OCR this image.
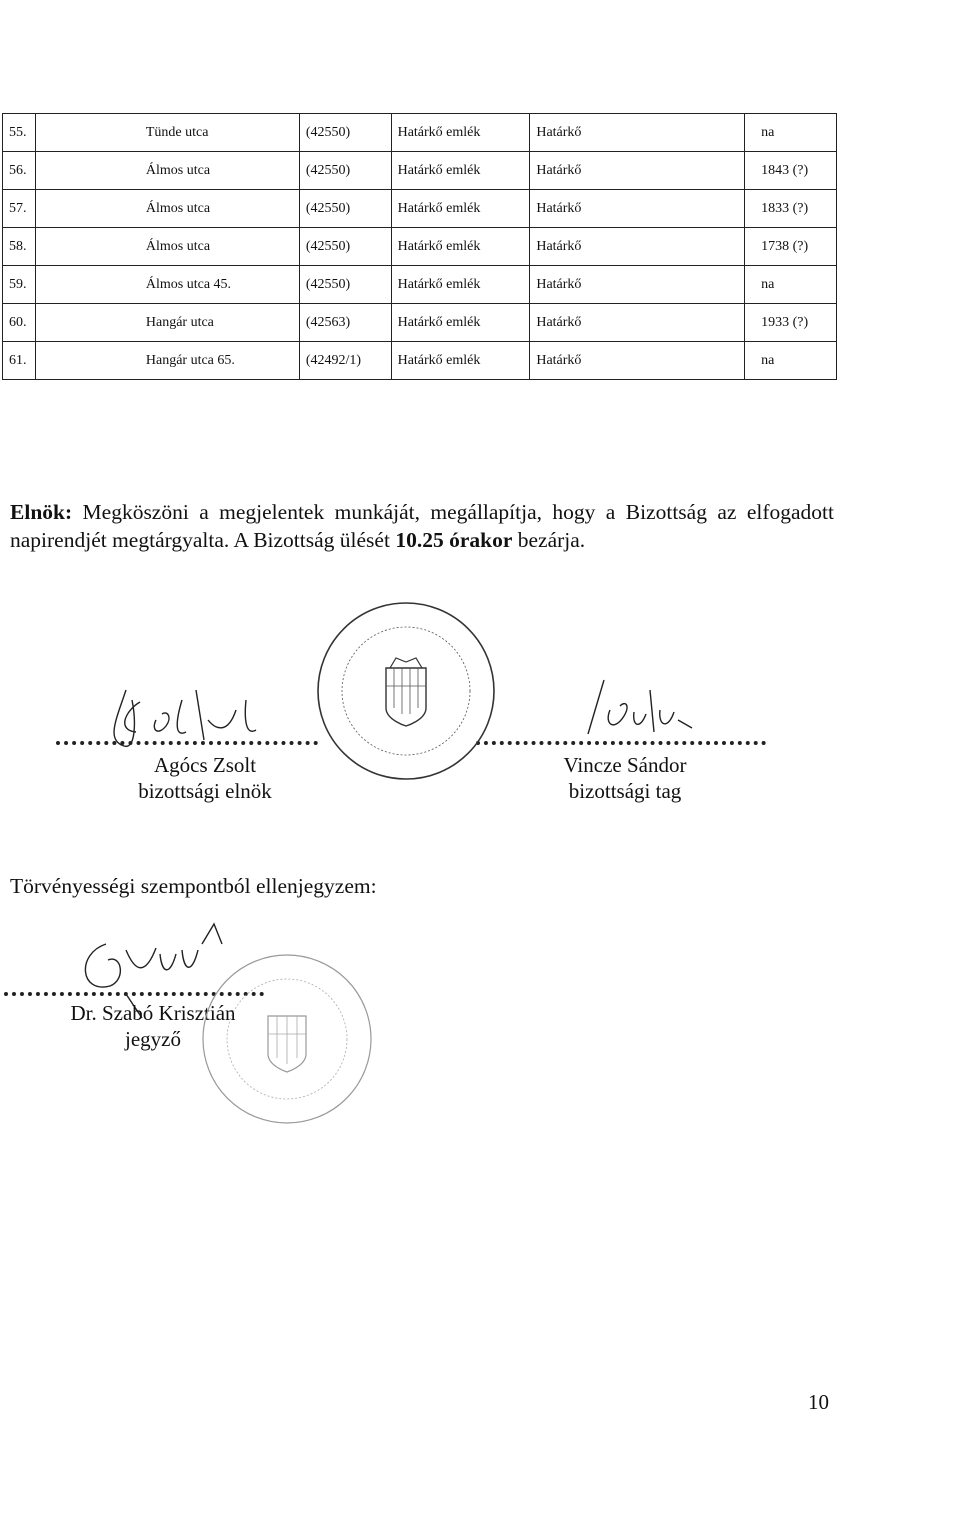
55.	Tünde utca	(42550)	Határkő emlék	Határkő	na
56.	Álmos utca	(42550)	Határkő emlék	Határkő	1843 (?)
57.	Álmos utca	(42550)	Határkő emlék	Határkő	1833 (?)
58.	Álmos utca	(42550)	Határkő emlék	Határkő	1738 (?)
59.	Álmos utca 45.	(42550)	Határkő emlék	Határkő	na
60.	Hangár utca	(42563)	Határkő emlék	Határkő	1933 (?)
61.	Hangár utca 65.	(42492/1)	Határkő emlék	Határkő	na

Elnök: Megköszöni a megjelentek munkáját, megállapítja, hogy a Bizottság az elfogadott napirendjét megtárgyalta. A Bizottság ülését 10.25 órakor bezárja.

Agócs Zsolt
bizottsági elnök
Vincze Sándor
bizottsági tag
Törvényességi szempontból ellenjegyzem:
Dr. Szabó Krisztián
jegyző
10
